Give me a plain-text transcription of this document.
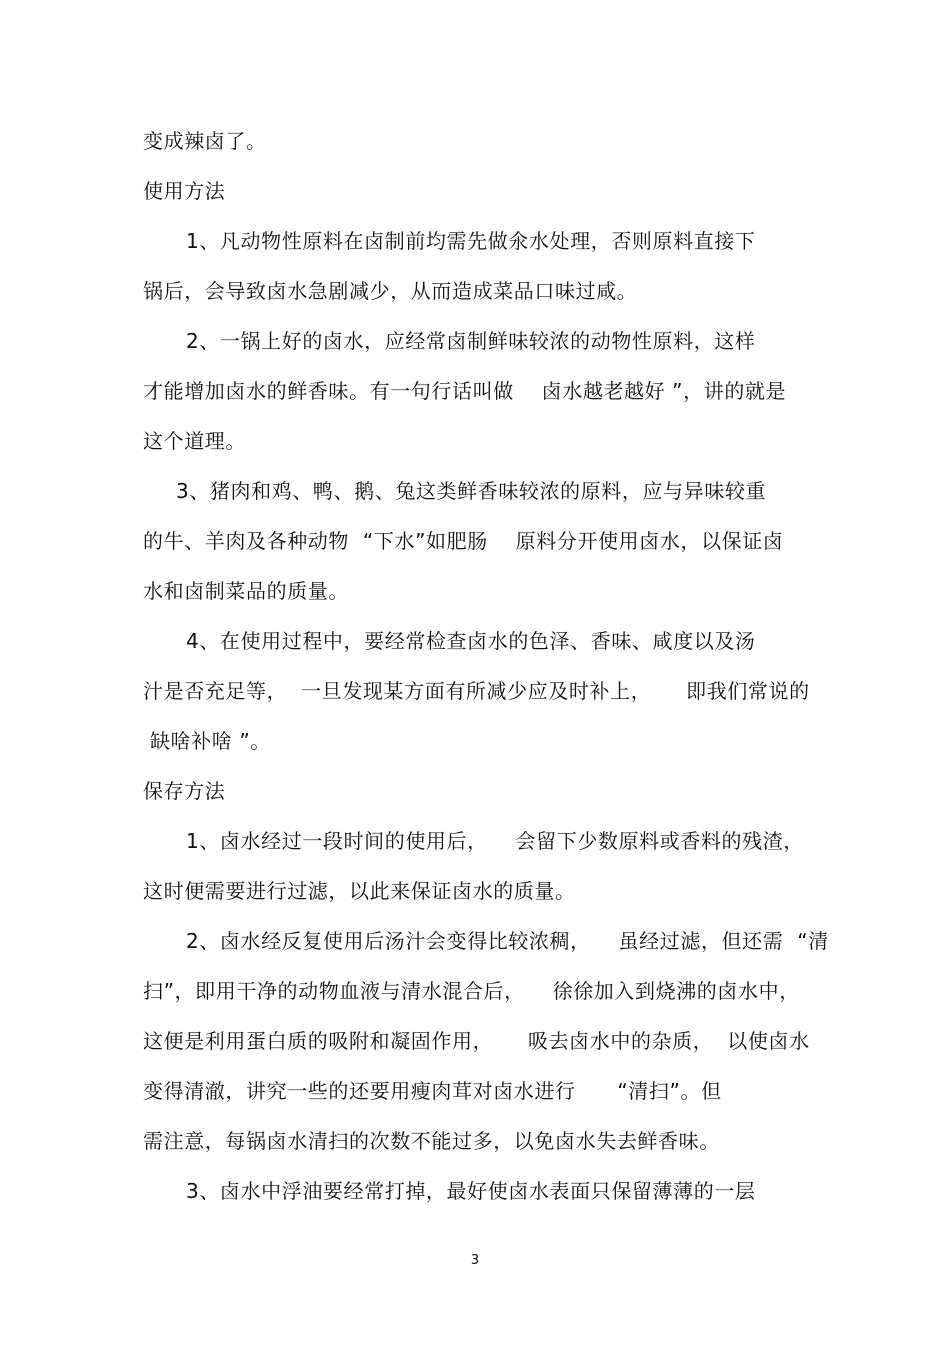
变成辣卤了。
使用方法
1、凡动物性原料在卤制前均需先做氽水处理，否则原料直接下
锅后，会导致卤水急剧减少，从而造成菜品口味过咸。
2、一锅上好的卤水，应经常卤制鲜味较浓的动物性原料，这样
才能增加卤水的鲜香味。有一句行话叫做    卤水越老越好 ”，讲的就是
这个道理。
3、猪肉和鸡、鸭、鹅、兔这类鲜香味较浓的原料，应与异味较重
的牛、羊肉及各种动物  “下水”如肥肠    原料分开使用卤水，以保证卤
水和卤制菜品的质量。
4、在使用过程中，要经常检查卤水的色泽、香味、咸度以及汤
汁是否充足等，  一旦发现某方面有所减少应及时补上，     即我们常说的
缺啥补啥 ”。
保存方法
1、卤水经过一段时间的使用后，    会留下少数原料或香料的残渣，
这时便需要进行过滤，以此来保证卤水的质量。
2、卤水经反复使用后汤汁会变得比较浓稠，    虽经过滤，但还需  “清
扫”，即用干净的动物血液与清水混合后，    徐徐加入到烧沸的卤水中，
这便是利用蛋白质的吸附和凝固作用，     吸去卤水中的杂质，  以使卤水
变得清澈，讲究一些的还要用瘦肉茸对卤水进行      “清扫”。但
需注意，每锅卤水清扫的次数不能过多，以免卤水失去鲜香味。
3、卤水中浮油要经常打掉，最好使卤水表面只保留薄薄的一层
3
